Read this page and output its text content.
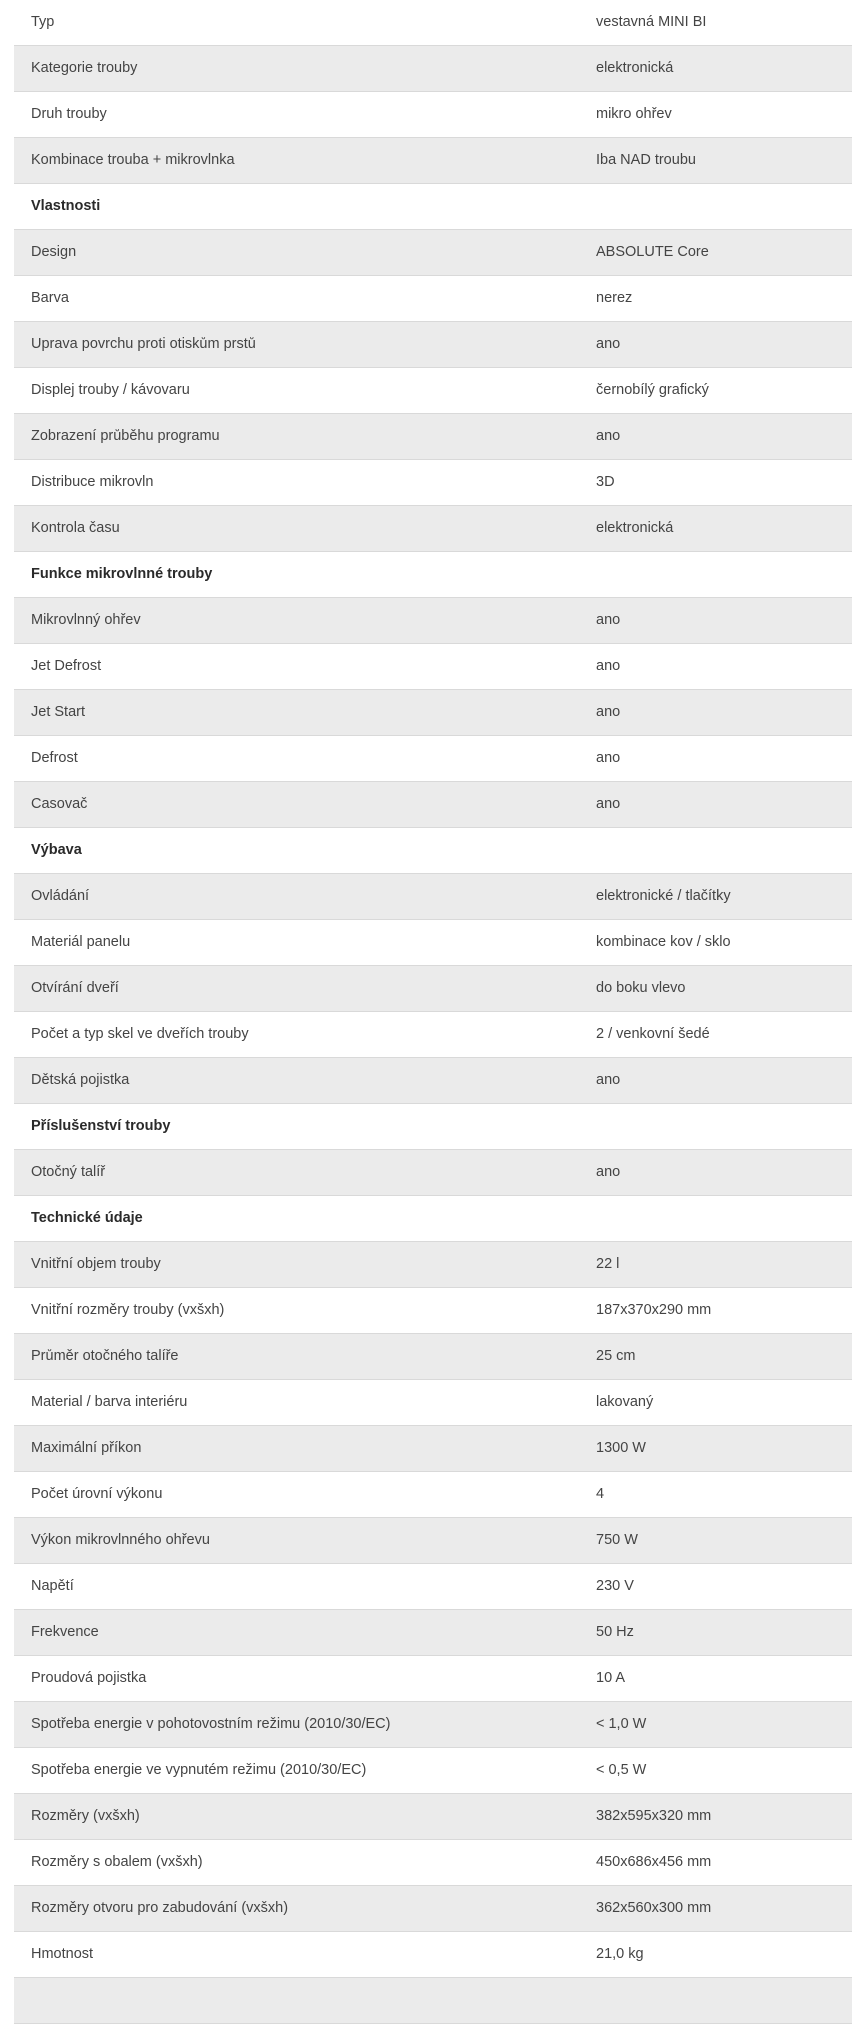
Typ	vestavná MINI BI
Kategorie trouby	elektronická
Druh trouby	mikro ohřev
Kombinace trouba + mikrovlnka	Iba NAD troubu
Vlastnosti
Design	ABSOLUTE Core
Barva	nerez
Úprava povrchu proti otiskům prstů	ano
Displej trouby / kávovaru	černobílý grafický
Zobrazení průběhu programu	ano
Distribuce mikrovln	3D
Kontrola času	elektronická
Funkce mikrovlnné trouby
Mikrovlnný ohřev	ano
Jet Defrost	ano
Jet Start	ano
Defrost	ano
Časovač	ano
Výbava
Ovládání	elektronické / tlačítky
Materiál panelu	kombinace kov / sklo
Otvírání dveří	do boku vlevo
Počet a typ skel ve dveřích trouby	2 / venkovní šedé
Dětská pojistka	ano
Příslušenství trouby
Otočný talíř	ano
Technické údaje
Vnitřní objem trouby	22 l
Vnitřní rozměry trouby (vxšxh)	187x370x290 mm
Průměr otočného talíře	25 cm
Material / barva interiéru	lakovaný
Maximální příkon	1300 W
Počet úrovní výkonu	4
Výkon mikrovlnného ohřevu	750 W
Napětí	230 V
Frekvence	50 Hz
Proudová pojistka	10 A
Spotřeba energie v pohotovostním režimu (2010/30/EC)	< 1,0 W
Spotřeba energie ve vypnutém režimu (2010/30/EC)	< 0,5 W
Rozměry (vxšxh)	382x595x320 mm
Rozměry s obalem (vxšxh)	450x686x456 mm
Rozměry otvoru pro zabudování (vxšxh)	362x560x300 mm
Hmotnost	21,0 kg
